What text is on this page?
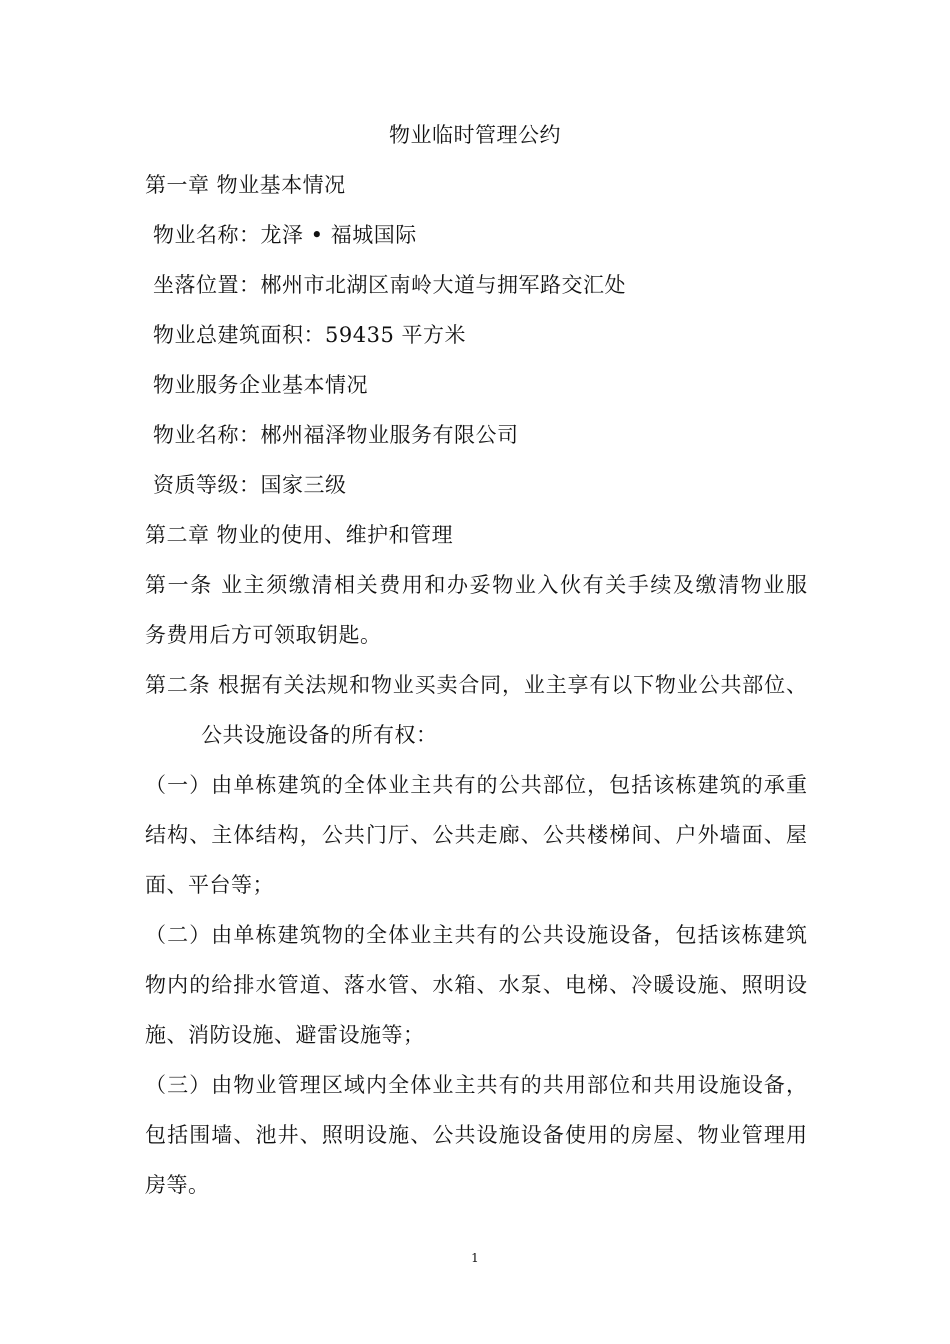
物业临时管理公约
第一章 物业基本情况
物业名称：龙泽 • 福城国际
坐落位置：郴州市北湖区南岭大道与拥军路交汇处
物业总建筑面积：59435 平方米
物业服务企业基本情况
物业名称：郴州福泽物业服务有限公司
资质等级：国家三级
第二章 物业的使用、维护和管理
第一条 业主须缴清相关费用和办妥物业入伙有关手续及缴清物业服
务费用后方可领取钥匙。
第二条 根据有关法规和物业买卖合同，业主享有以下物业公共部位、
公共设施设备的所有权：
（一）由单栋建筑的全体业主共有的公共部位，包括该栋建筑的承重
结构、主体结构，公共门厅、公共走廊、公共楼梯间、户外墙面、屋
面、平台等；
（二）由单栋建筑物的全体业主共有的公共设施设备，包括该栋建筑
物内的给排水管道、落水管、水箱、水泵、电梯、冷暖设施、照明设
施、消防设施、避雷设施等；
（三）由物业管理区域内全体业主共有的共用部位和共用设施设备，
包括围墙、池井、照明设施、公共设施设备使用的房屋、物业管理用
房等。
1
